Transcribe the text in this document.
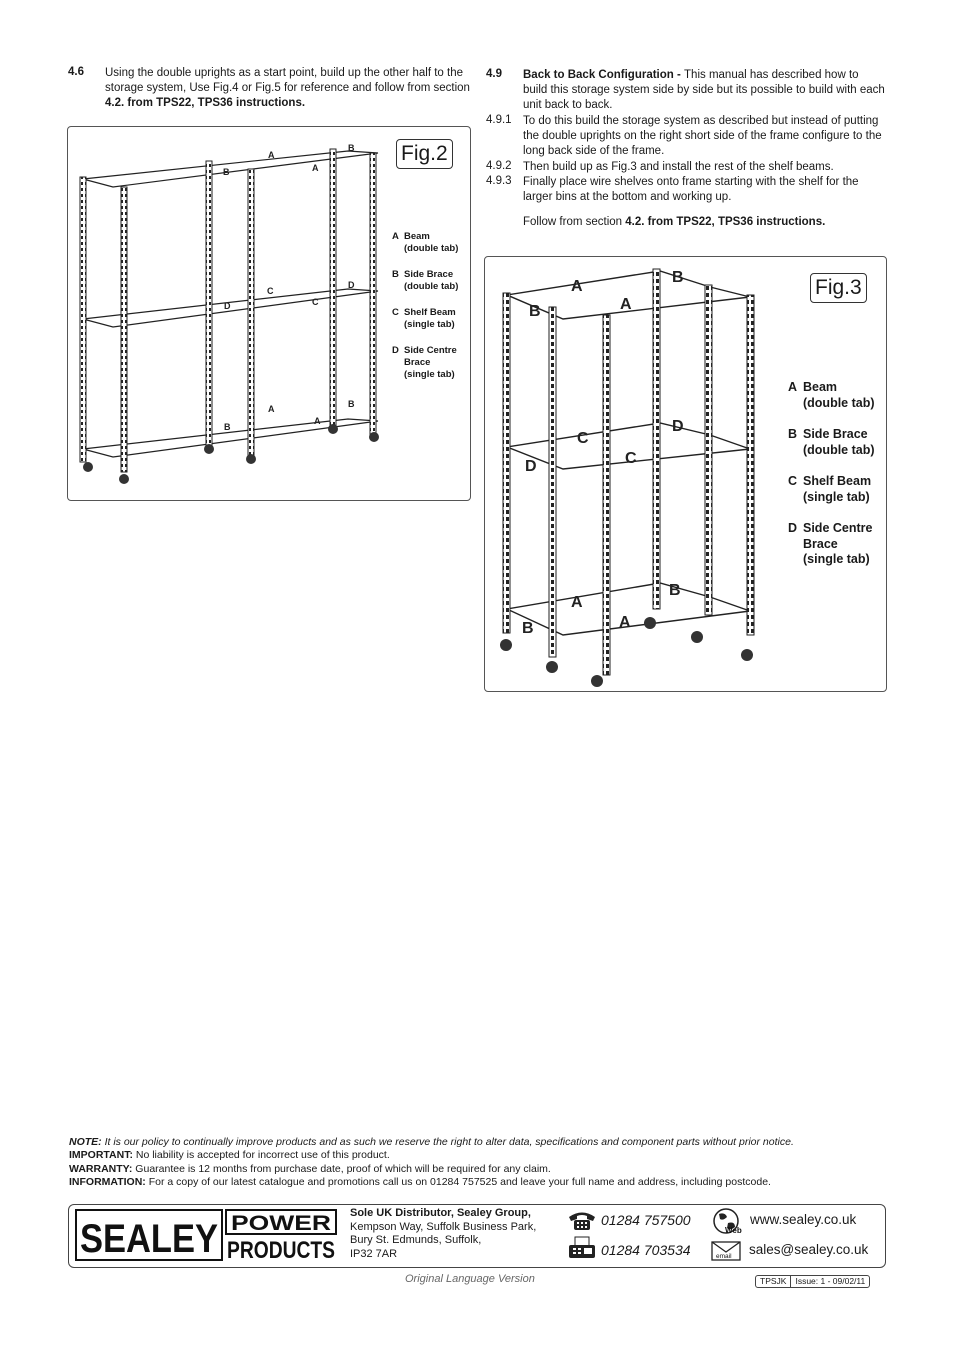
4.6 Using the double uprights as a start point, build up the other half to the storage system, Use Fig.4 or Fig.5 for reference and follow from section 4.2. from TPS22, TPS36 instructions.
A
A
B
B
C
C
D
D
A
A
B
B
Fig.2
A Beam
(double tab)
B Side Brace
(double tab)
C Shelf Beam
(single tab)
D Side Centre
Brace
(single tab)
4.9 Back to Back Configuration - This manual has described how to build this storage system side by side but its possible to build with each unit back to back.
4.9.1 To do this build the storage system as described but instead of putting the double uprights on the right short side of the frame configure to the long back side of the frame.
4.9.2 Then build up as Fig.3 and install the rest of the shelf beams.
4.9.3 Finally place wire shelves onto frame starting with the shelf for the larger bins at the bottom and working up.
Follow from section 4.2. from TPS22, TPS36 instructions.
A
A
B
B
C
C
D
D
A
A
B
B
Fig.3
A Beam
(double tab)
B Side Brace
(double tab)
C Shelf Beam
(single tab)
D Side Centre
Brace
(single tab)
NOTE: It is our policy to continually improve products and as such we reserve the right to alter data, specifications and component parts without prior notice.
IMPORTANT: No liability is accepted for incorrect use of this product.
WARRANTY: Guarantee is 12 months from purchase date, proof of which will be required for any claim.
INFORMATION: For a copy of our latest catalogue and promotions call us on 01284 757525 and leave your full name and address, including postcode.
SEALEY POWER
PRODUCTS
Sole UK Distributor, Sealey Group,
Kempson Way, Suffolk Business Park,
Bury St. Edmunds, Suffolk,
IP32 7AR
01284 757500
01284 703534
Web
www.sealey.co.uk
email sales@sealey.co.uk
Original Language Version	TPSJK	Issue: 1 - 09/02/11
